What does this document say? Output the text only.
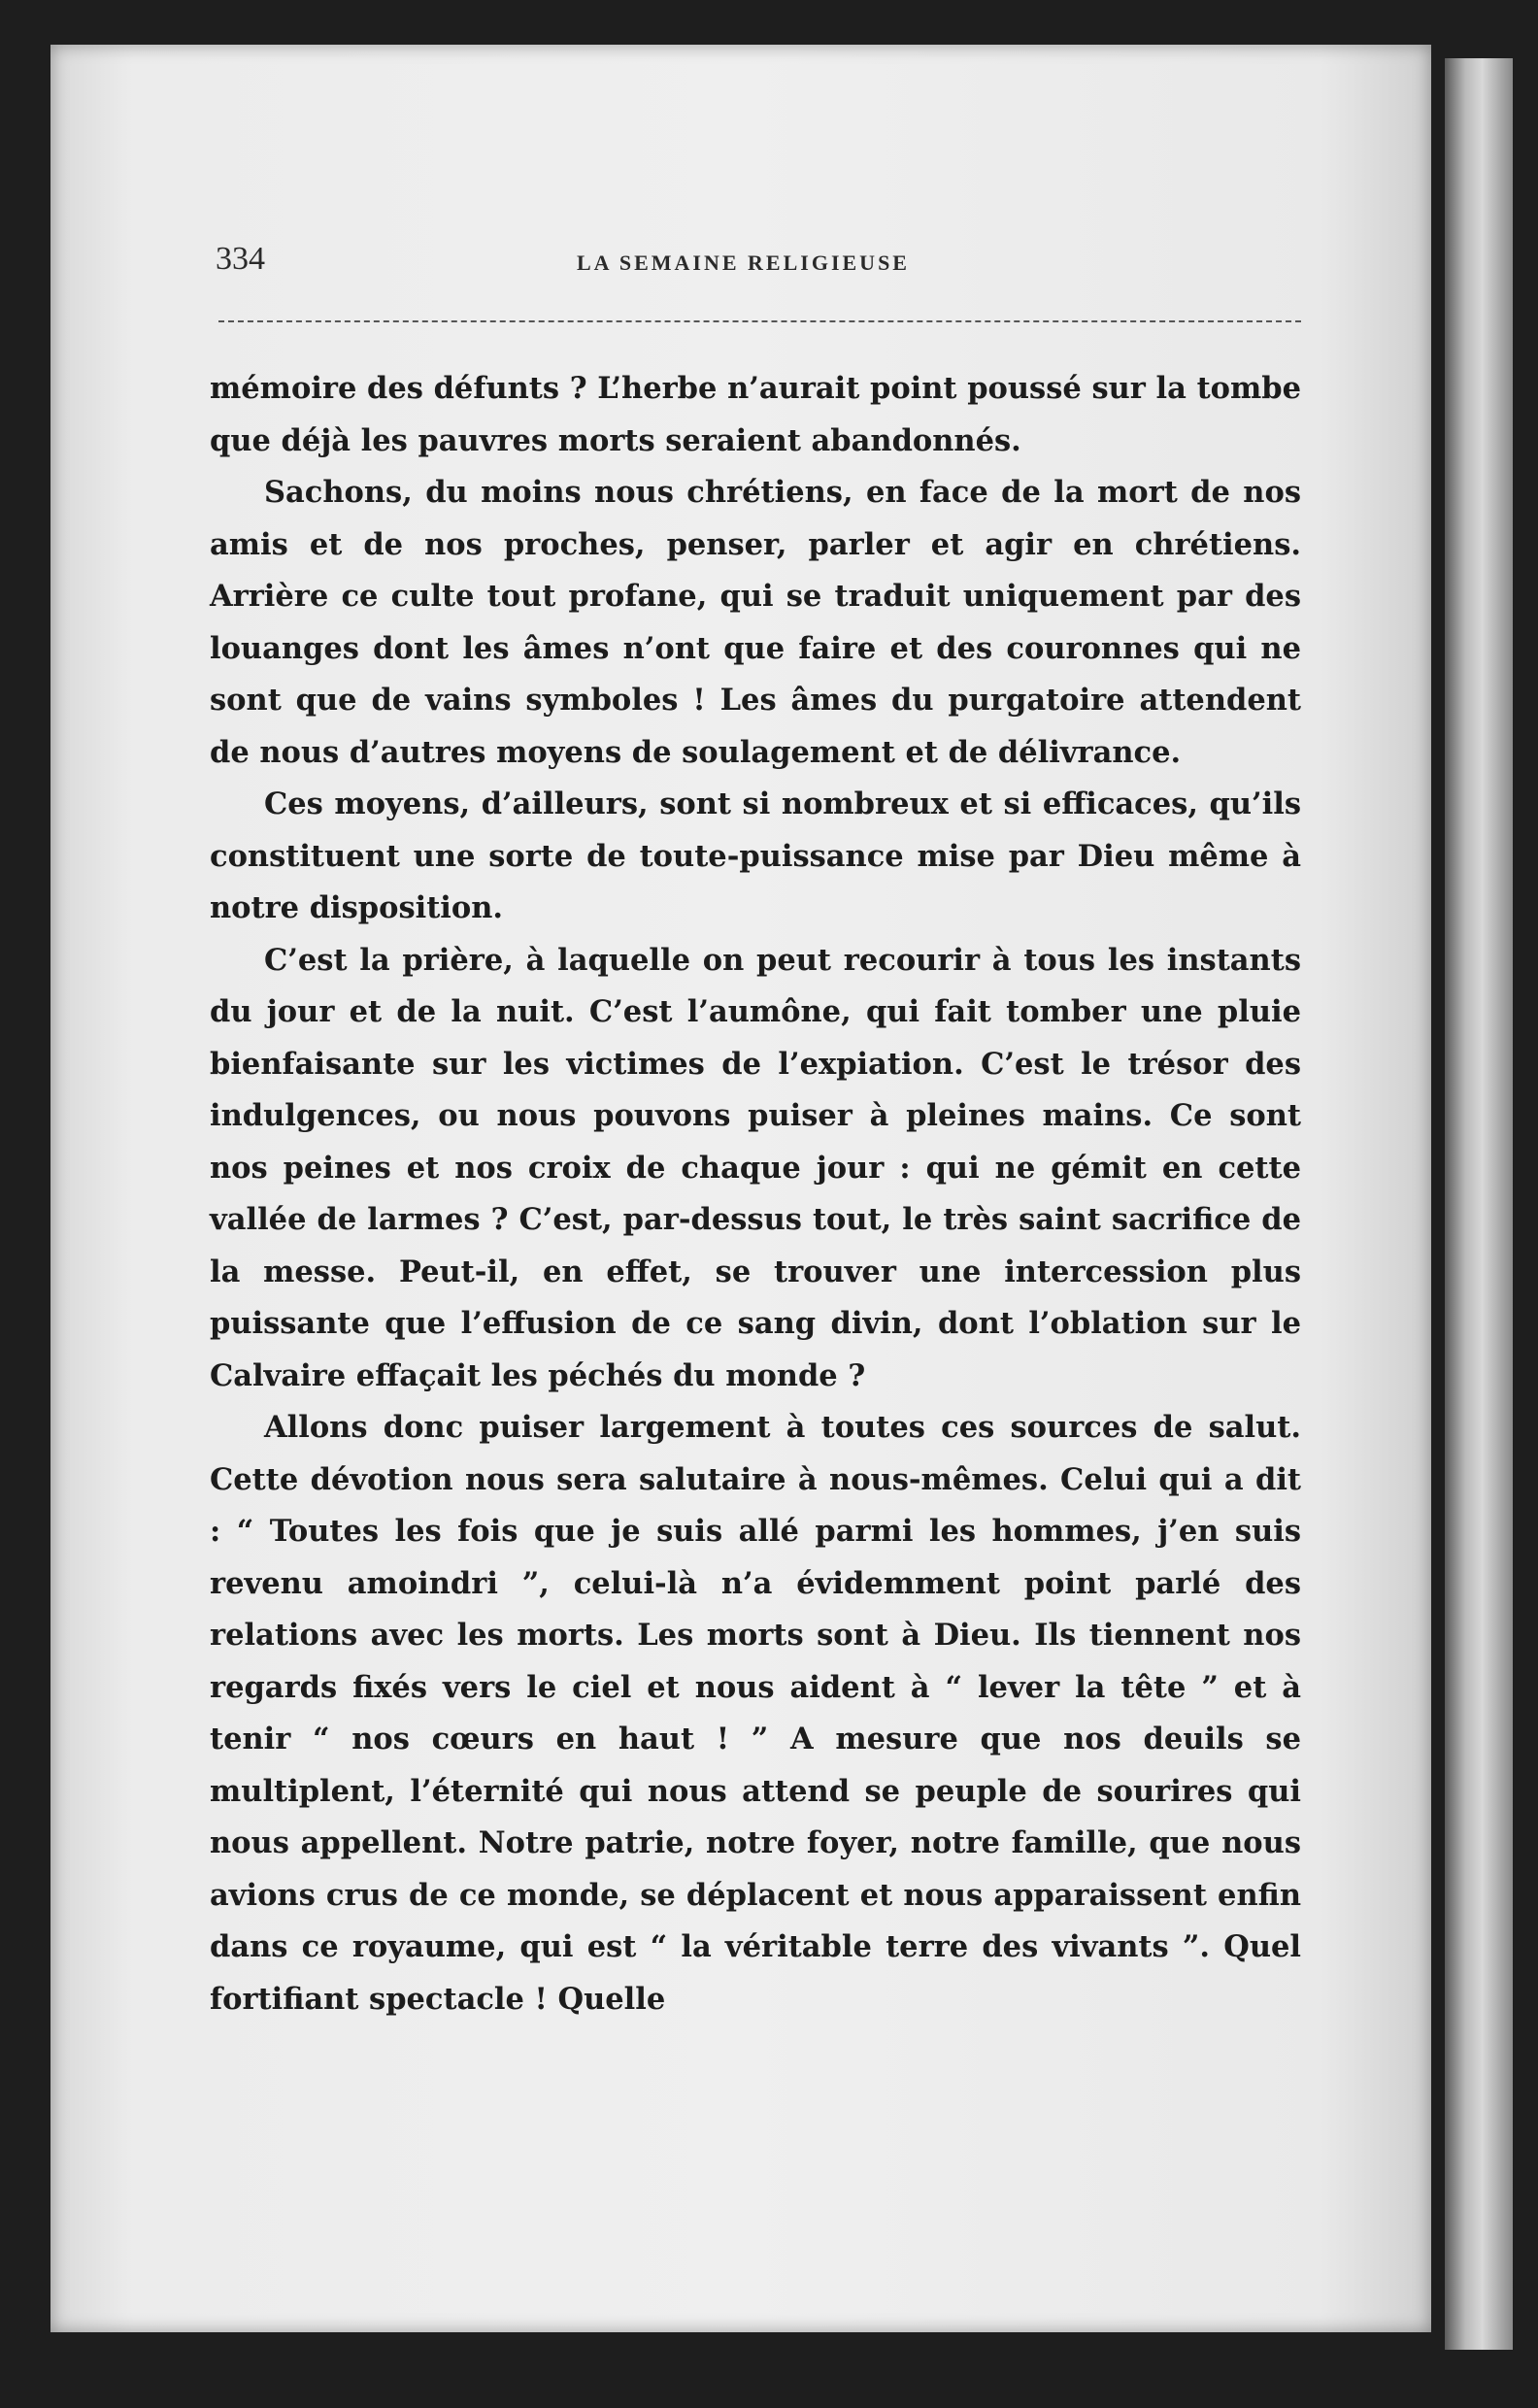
334	LA SEMAINE RELIGIEUSE

mémoire des défunts ? L’herbe n’aurait point poussé sur la tombe que déjà les pauvres morts seraient abandonnés.

Sachons, du moins nous chrétiens, en face de la mort de nos amis et de nos proches, penser, parler et agir en chrétiens. Arrière ce culte tout profane, qui se traduit uniquement par des louanges dont les âmes n’ont que faire et des couronnes qui ne sont que de vains symboles ! Les âmes du purgatoire attendent de nous d’autres moyens de soulagement et de délivrance.

Ces moyens, d’ailleurs, sont si nombreux et si efficaces, qu’ils constituent une sorte de toute-puissance mise par Dieu même à notre disposition.

C’est la prière, à laquelle on peut recourir à tous les instants du jour et de la nuit. C’est l’aumône, qui fait tomber une pluie bienfaisante sur les victimes de l’expiation. C’est le trésor des indulgences, ou nous pouvons puiser à pleines mains. Ce sont nos peines et nos croix de chaque jour : qui ne gémit en cette vallée de larmes ? C’est, par-dessus tout, le très saint sacrifice de la messe. Peut-il, en effet, se trouver une intercession plus puissante que l’effusion de ce sang divin, dont l’oblation sur le Calvaire effaçait les péchés du monde ?

Allons donc puiser largement à toutes ces sources de salut. Cette dévotion nous sera salutaire à nous-mêmes. Celui qui a dit : “ Toutes les fois que je suis allé parmi les hommes, j’en suis revenu amoindri ”, celui-là n’a évidemment point parlé des relations avec les morts. Les morts sont à Dieu. Ils tiennent nos regards fixés vers le ciel et nous aident à “ lever la tête ” et à tenir “ nos cœurs en haut ! ” A mesure que nos deuils se multiplent, l’éternité qui nous attend se peuple de sourires qui nous appellent. Notre patrie, notre foyer, notre famille, que nous avions crus de ce monde, se déplacent et nous apparaissent enfin dans ce royaume, qui est “ la véritable terre des vivants ”. Quel fortifiant spectacle ! Quelle
